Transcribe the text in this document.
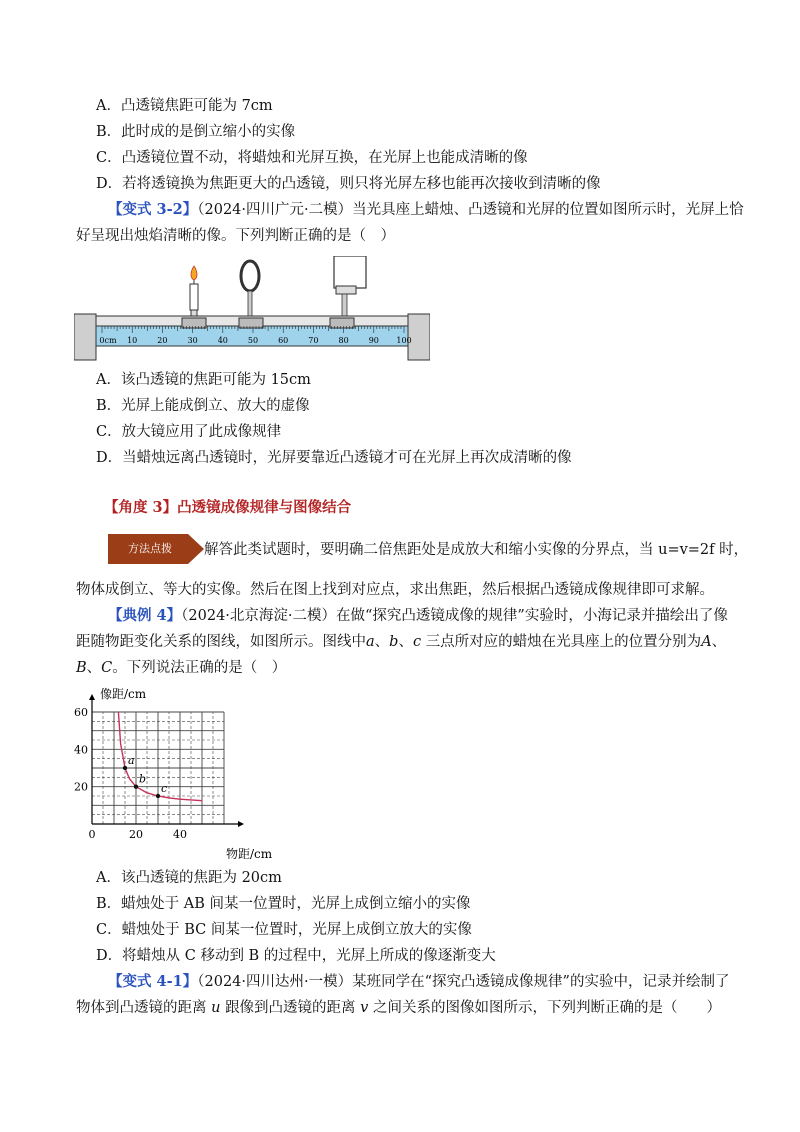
A．凸透镜焦距可能为 7cm
B．此时成的是倒立缩小的实像
C．凸透镜位置不动，将蜡烛和光屏互换，在光屏上也能成清晰的像
D．若将透镜换为焦距更大的凸透镜，则只将光屏左移也能再次接收到清晰的像
【变式 3-2】（2024·四川广元·二模）当光具座上蜡烛、凸透镜和光屏的位置如图所示时，光屏上恰
好呈现出烛焰清晰的像。下列判断正确的是（　）
0cm 10	20	30	40	50	60	70	80	90 100
A．该凸透镜的焦距可能为 15cm
B．光屏上能成倒立、放大的虚像
C．放大镜应用了此成像规律
D．当蜡烛远离凸透镜时，光屏要靠近凸透镜才可在光屏上再次成清晰的像
【角度 3】凸透镜成像规律与图像结合
方法点拨	解答此类试题时，要明确二倍焦距处是成放大和缩小实像的分界点，当 u=v=2f 时，
物体成倒立、等大的实像。然后在图上找到对应点，求出焦距，然后根据凸透镜成像规律即可求解。
【典例 4】（2024·北京海淀·二模）在做“探究凸透镜成像的规律”实验时，小海记录并描绘出了像
距随物距变化关系的图线，如图所示。图线中a、b、c 三点所对应的蜡烛在光具座上的位置分别为A、
B、C。下列说法正确的是（　）
a
b
c
0	20	40
20
40
60
像距/cm
物距/cm
A．该凸透镜的焦距为 20cm
B．蜡烛处于 AB 间某一位置时，光屏上成倒立缩小的实像
C．蜡烛处于 BC 间某一位置时，光屏上成倒立放大的实像
D．将蜡烛从 C 移动到 B 的过程中，光屏上所成的像逐渐变大
【变式 4-1】（2024·四川达州·一模）某班同学在“探究凸透镜成像规律”的实验中，记录并绘制了
物体到凸透镜的距离 u 跟像到凸透镜的距离 v 之间关系的图像如图所示，下列判断正确的是（　　）
